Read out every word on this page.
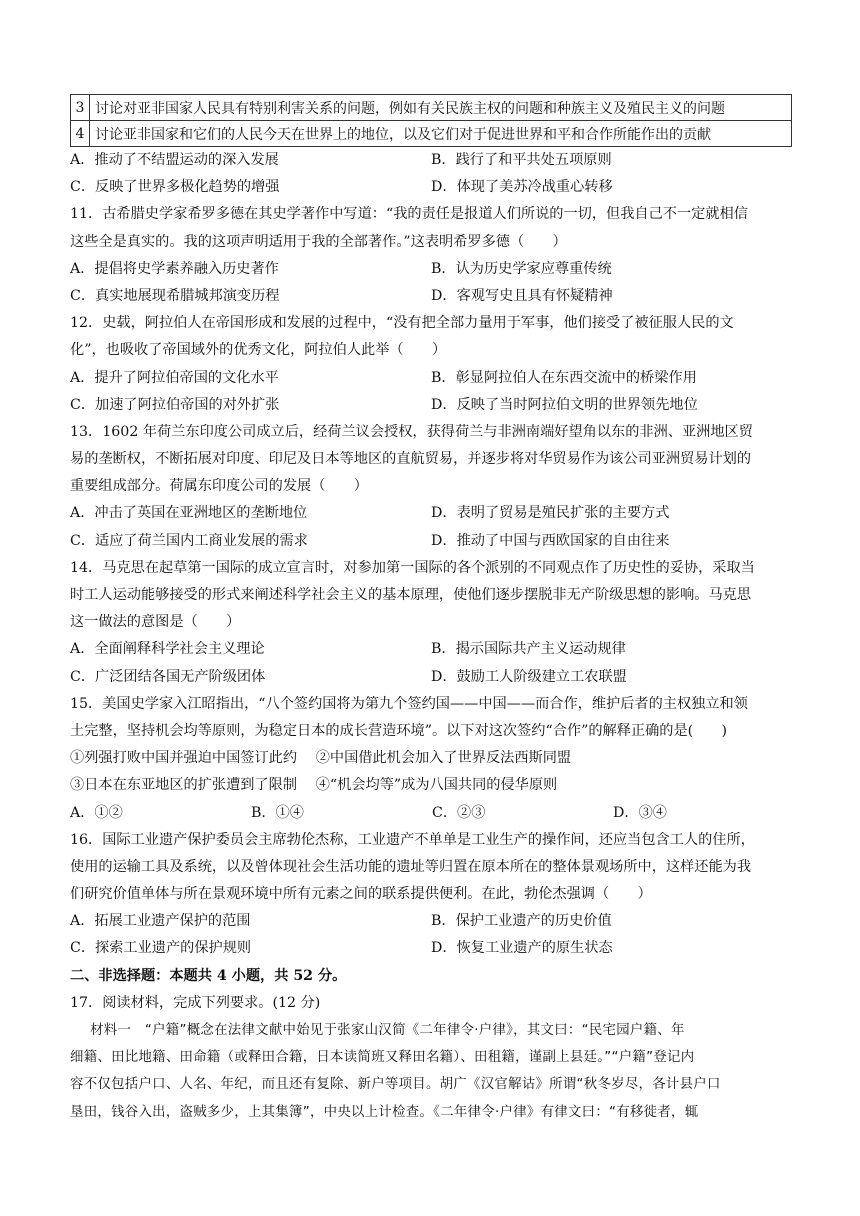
3	讨论对亚非国家人民具有特别利害关系的问题，例如有关民族主权的问题和种族主义及殖民主义的问题
4	讨论亚非国家和它们的人民今天在世界上的地位，以及它们对于促进世界和平和合作所能作出的贡献
A．推动了不结盟运动的深入发展	B．践行了和平共处五项原则
C．反映了世界多极化趋势的增强	D．体现了美苏冷战重心转移
11．古希腊史学家希罗多德在其史学著作中写道：“我的责任是报道人们所说的一切，但我自己不一定就相信
这些全是真实的。我的这项声明适用于我的全部著作。”这表明希罗多德（　　）
A．提倡将史学素养融入历史著作	B．认为历史学家应尊重传统
C．真实地展现希腊城邦演变历程	D．客观写史且具有怀疑精神
12．史载，阿拉伯人在帝国形成和发展的过程中，“没有把全部力量用于军事，他们接受了被征服人民的文
化”，也吸收了帝国域外的优秀文化，阿拉伯人此举（　　）
A．提升了阿拉伯帝国的文化水平	B．彰显阿拉伯人在东西交流中的桥梁作用
C．加速了阿拉伯帝国的对外扩张	D．反映了当时阿拉伯文明的世界领先地位
13．1602 年荷兰东印度公司成立后，经荷兰议会授权，获得荷兰与非洲南端好望角以东的非洲、亚洲地区贸
易的垄断权，不断拓展对印度、印尼及日本等地区的直航贸易，并逐步将对华贸易作为该公司亚洲贸易计划的
重要组成部分。荷属东印度公司的发展（　　）
A．冲击了英国在亚洲地区的垄断地位	D．表明了贸易是殖民扩张的主要方式
C．适应了荷兰国内工商业发展的需求	D．推动了中国与西欧国家的自由往来
14．马克思在起草第一国际的成立宣言时，对参加第一国际的各个派别的不同观点作了历史性的妥协，采取当
时工人运动能够接受的形式来阐述科学社会主义的基本原理，使他们逐步摆脱非无产阶级思想的影响。马克思
这一做法的意图是（　　）
A．全面阐释科学社会主义理论	B．揭示国际共产主义运动规律
C．广泛团结各国无产阶级团体	D．鼓励工人阶级建立工农联盟
15．美国史学家入江昭指出，“八个签约国将为第九个签约国——中国——而合作，维护后者的主权独立和领
土完整，坚持机会均等原则，为稳定日本的成长营造环境”。以下对这次签约“合作”的解释正确的是(　　)
①列强打败中国并强迫中国签订此约　 ②中国借此机会加入了世界反法西斯同盟
③日本在东亚地区的扩张遭到了限制　 ④“机会均等”成为八国共同的侵华原则
A．①②	B．①④	C．②③	D．③④
16．国际工业遗产保护委员会主席勃伦杰称，工业遗产不单单是工业生产的操作间，还应当包含工人的住所，
使用的运输工具及系统，以及曾体现社会生活功能的遗址等归置在原本所在的整体景观场所中，这样还能为我
们研究价值单体与所在景观环境中所有元素之间的联系提供便利。在此，勃伦杰强调（　　）
A．拓展工业遗产保护的范围	B．保护工业遗产的历史价值
C．探索工业遗产的保护规则	D．恢复工业遗产的原生状态
二、非选择题：本题共 4 小题，共 52 分。
17．阅读材料，完成下列要求。(12 分)
材料一　“户籍”概念在法律文献中始见于张家山汉简《二年律令·户律》，其文曰：“民宅园户籍、年
细籍、田比地籍、田命籍（或释田合籍，日本读简班又释田名籍）、田租籍，谨副上县廷。”“户籍”登记内
容不仅包括户口、人名、年纪，而且还有复除、新户等项目。胡广《汉官解诂》所谓“秋冬岁尽，各计县户口
垦田，钱谷入出，盗贼多少，上其集簿”，中央以上计检查。《二年律令·户律》有律文曰：“有移徙者，辄
